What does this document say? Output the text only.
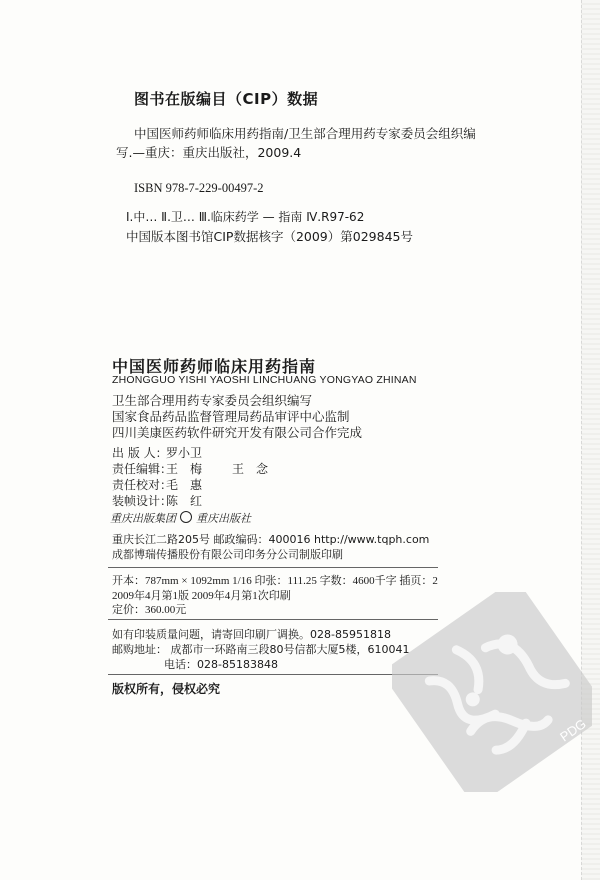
图书在版编目（CIP）数据
中国医师药师临床用药指南/卫生部合理用药专家委员会组织编
写.—重庆：重庆出版社，2009.4
ISBN 978-7-229-00497-2
Ⅰ.中… Ⅱ.卫… Ⅲ.临床药学 — 指南 Ⅳ.R97-62
中国版本图书馆CIP数据核字（2009）第029845号
中国医师药师临床用药指南
ZHONGGUO YISHI YAOSHI LINCHUANG YONGYAO ZHINAN
卫生部合理用药专家委员会组织编写
国家食品药品监督管理局药品审评中心监制
四川美康医药软件研究开发有限公司合作完成
出 版 人：罗小卫
责任编辑：王　梅	王　念
责任校对：毛　惠
装帧设计：陈　红
重庆出版集团 重庆出版社
重庆长江二路205号 邮政编码：400016 http://www.tqph.com
成都博瑞传播股份有限公司印务分公司制版印刷
开本：787mm × 1092mm 1/16 印张：111.25 字数：4600千字 插页：2
2009年4月第1版 2009年4月第1次印刷
定价：360.00元
如有印装质量问题，请寄回印刷厂调换。028-85951818
邮购地址： 成都市一环路南三段80号信都大厦5楼，610041
电话：028-85183848
版权所有，侵权必究
PDG
